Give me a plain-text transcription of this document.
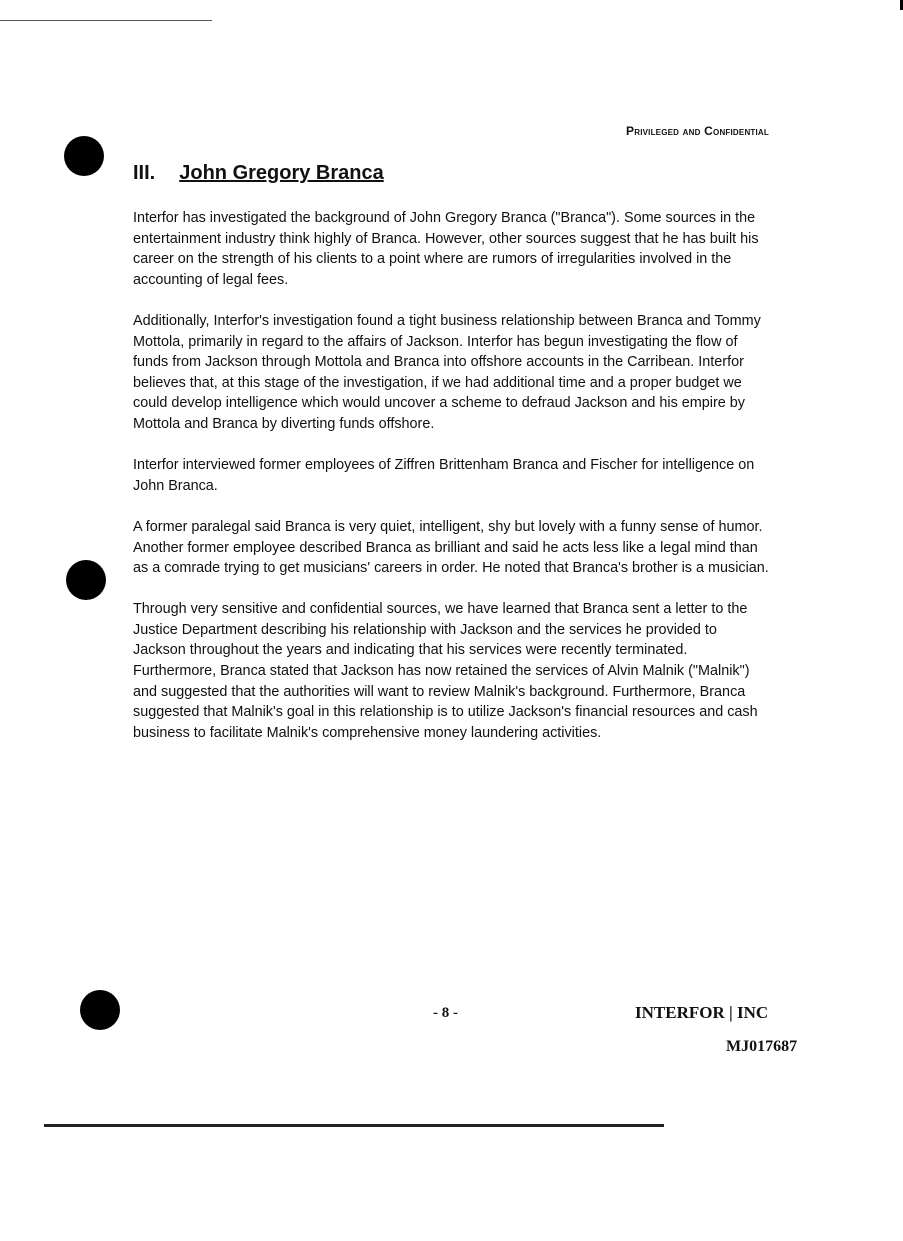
Privileged and Confidential
III. John Gregory Branca

Interfor has investigated the background of John Gregory Branca ("Branca"). Some sources in the entertainment industry think highly of Branca. However, other sources suggest that he has built his career on the strength of his clients to a point where are rumors of irregularities involved in the accounting of legal fees.

Additionally, Interfor's investigation found a tight business relationship between Branca and Tommy Mottola, primarily in regard to the affairs of Jackson. Interfor has begun investigating the flow of funds from Jackson through Mottola and Branca into offshore accounts in the Carribean. Interfor believes that, at this stage of the investigation, if we had additional time and a proper budget we could develop intelligence which would uncover a scheme to defraud Jackson and his empire by Mottola and Branca by diverting funds offshore.

Interfor interviewed former employees of Ziffren Brittenham Branca and Fischer for intelligence on John Branca.

A former paralegal said Branca is very quiet, intelligent, shy but lovely with a funny sense of humor. Another former employee described Branca as brilliant and said he acts less like a legal mind than as a comrade trying to get musicians' careers in order. He noted that Branca's brother is a musician.

Through very sensitive and confidential sources, we have learned that Branca sent a letter to the Justice Department describing his relationship with Jackson and the services he provided to Jackson throughout the years and indicating that his services were recently terminated. Furthermore, Branca stated that Jackson has now retained the services of Alvin Malnik ("Malnik") and suggested that the authorities will want to review Malnik's background. Furthermore, Branca suggested that Malnik's goal in this relationship is to utilize Jackson's financial resources and cash business to facilitate Malnik's comprehensive money laundering activities.

- 8 -	INTERFOR | INC
MJ017687
